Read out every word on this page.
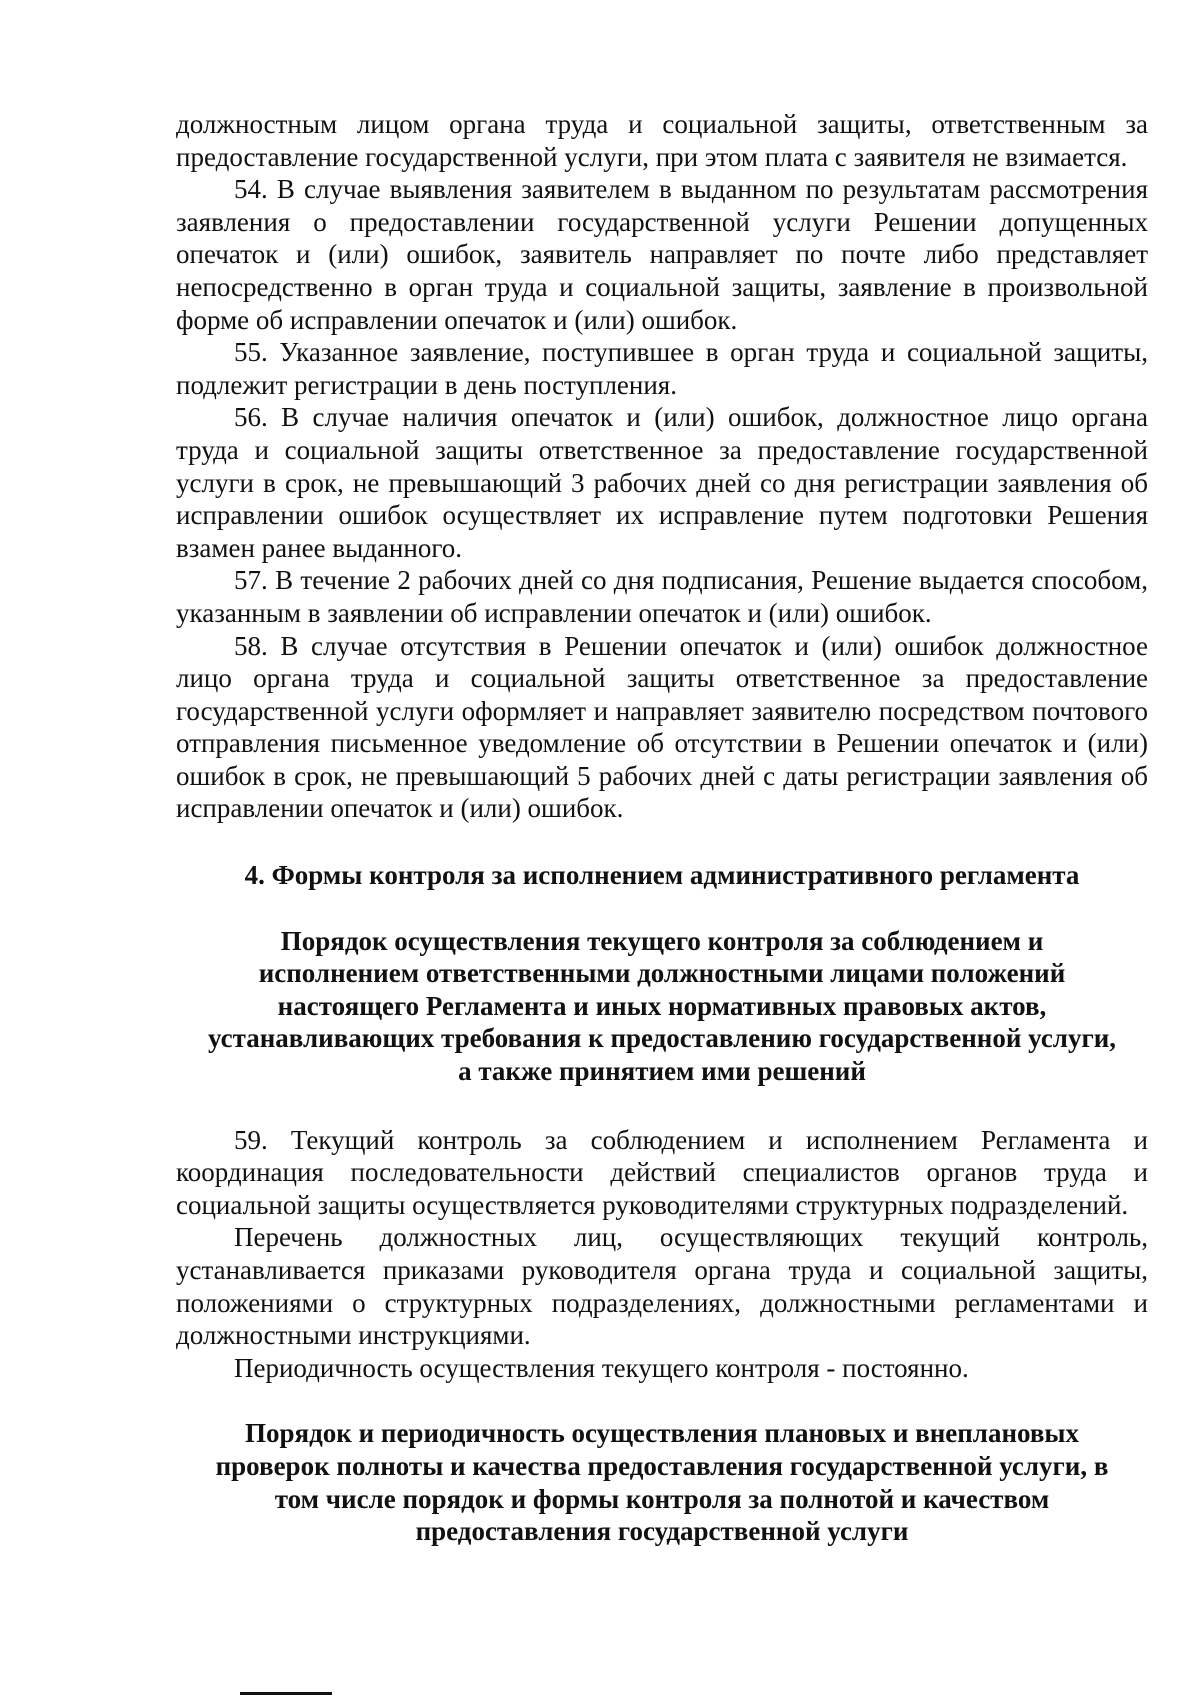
должностным лицом органа труда и социальной защиты, ответственным за предоставление государственной услуги, при этом плата с заявителя не взимается.

54. В случае выявления заявителем в выданном по результатам рассмотрения заявления о предоставлении государственной услуги Решении допущенных опечаток и (или) ошибок, заявитель направляет по почте либо представляет непосредственно в орган труда и социальной защиты, заявление в произвольной форме об исправлении опечаток и (или) ошибок.

55. Указанное заявление, поступившее в орган труда и социальной защиты, подлежит регистрации в день поступления.

56. В случае наличия опечаток и (или) ошибок, должностное лицо органа труда и социальной защиты ответственное за предоставление государственной услуги в срок, не превышающий 3 рабочих дней со дня регистрации заявления об исправлении ошибок осуществляет их исправление путем подготовки Решения взамен ранее выданного.

57. В течение 2 рабочих дней со дня подписания, Решение выдается способом, указанным в заявлении об исправлении опечаток и (или) ошибок.

58. В случае отсутствия в Решении опечаток и (или) ошибок должностное лицо органа труда и социальной защиты ответственное за предоставление государственной услуги оформляет и направляет заявителю посредством почтового отправления письменное уведомление об отсутствии в Решении опечаток и (или) ошибок в срок, не превышающий 5 рабочих дней с даты регистрации заявления об исправлении опечаток и (или) ошибок.

4. Формы контроля за исполнением административного регламента
Порядок осуществления текущего контроля за соблюдением и
исполнением ответственными должностными лицами положений
настоящего Регламента и иных нормативных правовых актов,
устанавливающих требования к предоставлению государственной услуги,
а также принятием ими решений

59. Текущий контроль за соблюдением и исполнением Регламента и координация последовательности действий специалистов органов труда и социальной защиты осуществляется руководителями структурных подразделений.

Перечень должностных лиц, осуществляющих текущий контроль, устанавливается приказами руководителя органа труда и социальной защиты, положениями о структурных подразделениях, должностными регламентами и должностными инструкциями.

Периодичность осуществления текущего контроля - постоянно.

Порядок и периодичность осуществления плановых и внеплановых
проверок полноты и качества предоставления государственной услуги, в
том числе порядок и формы контроля за полнотой и качеством
предоставления государственной услуги
